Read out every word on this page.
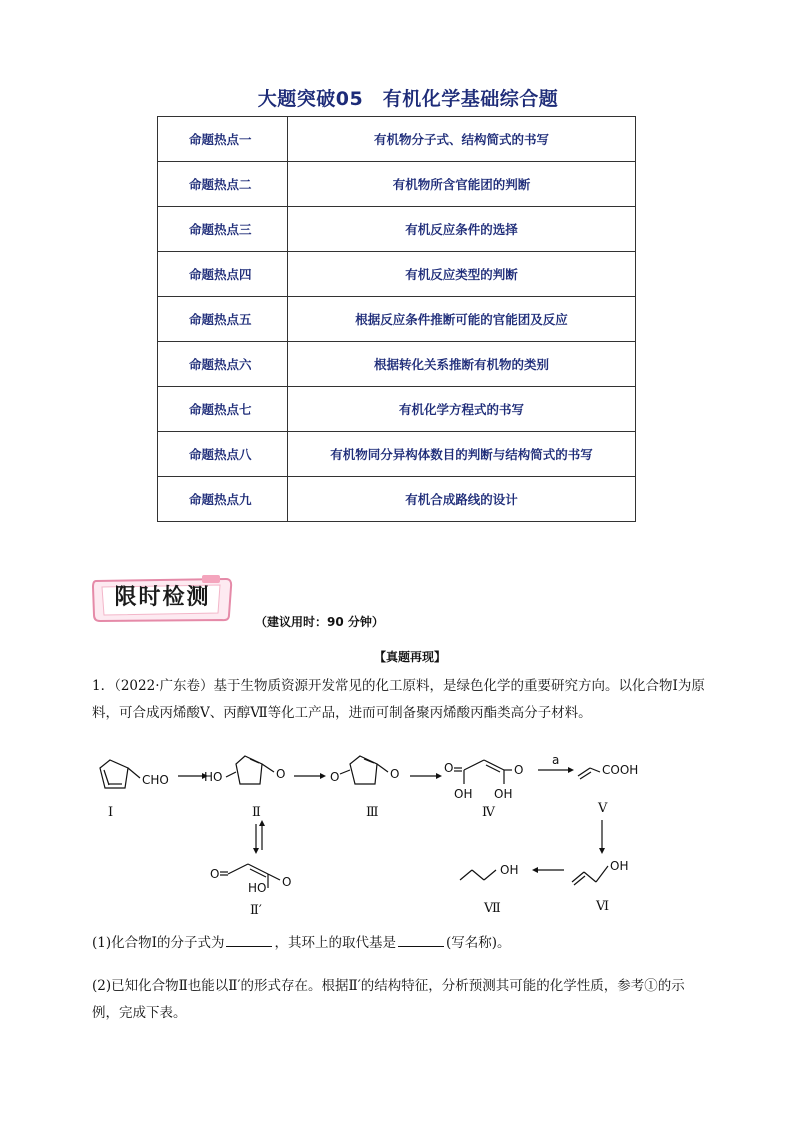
大题突破05　有机化学基础综合题
命题热点一	有机物分子式、结构简式的书写
命题热点二	有机物所含官能团的判断
命题热点三	有机反应条件的选择
命题热点四	有机反应类型的判断
命题热点五	根据反应条件推断可能的官能团及反应
命题热点六	根据转化关系推断有机物的类别
命题热点七	有机化学方程式的书写
命题热点八	有机物同分异构体数目的判断与结构简式的书写
命题热点九	有机合成路线的设计
限时检测
（建议用时：90 分钟）
【真题再现】
1．（2022·广东卷）基于生物质资源开发常见的化工原料，是绿色化学的重要研究方向。以化合物Ⅰ为原料，可合成丙烯酸Ⅴ、丙醇Ⅶ等化工产品，进而可制备聚丙烯酸丙酯类高分子材料。
CHO
Ⅰ
HO	O
Ⅱ
O	O
Ⅲ
O	O
OH OH
Ⅳ
a
COOH
Ⅴ
OH
Ⅵ
OH
Ⅶ
O
O
HO
Ⅱ′
(1)化合物Ⅰ的分子式为	，其环上的取代基是	(写名称)。
(2)已知化合物Ⅱ也能以Ⅱ′的形式存在。根据Ⅱ′的结构特征，分析预测其可能的化学性质，参考①的示例，完成下表。
